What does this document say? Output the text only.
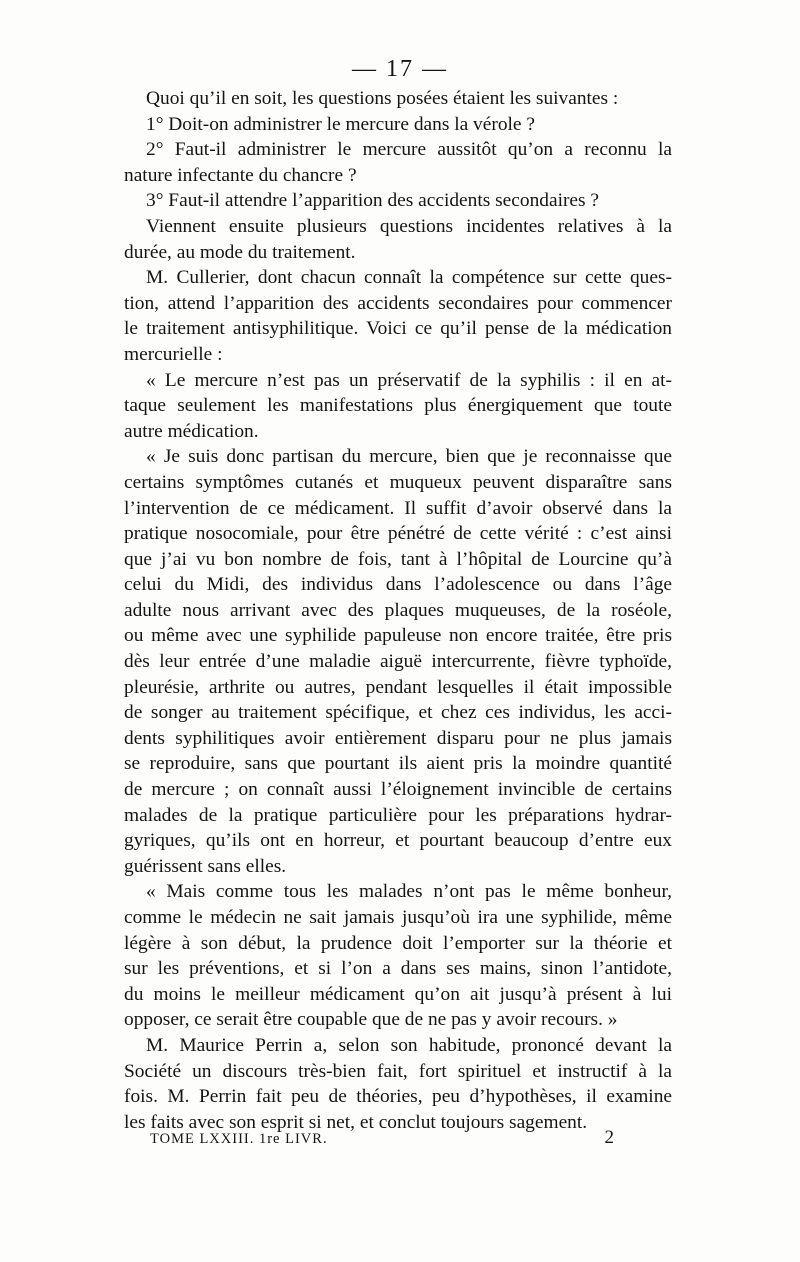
— 17 —
Quoi qu’il en soit, les questions posées étaient les suivantes :
1° Doit-on administrer le mercure dans la vérole ?
2° Faut-il administrer le mercure aussitôt qu’on a reconnu la
nature infectante du chancre ?
3° Faut-il attendre l’apparition des accidents secondaires ?
Viennent ensuite plusieurs questions incidentes relatives à la
durée, au mode du traitement.
M. Cullerier, dont chacun connaît la compétence sur cette ques-
tion, attend l’apparition des accidents secondaires pour commencer
le traitement antisyphilitique. Voici ce qu’il pense de la médication
mercurielle :
« Le mercure n’est pas un préservatif de la syphilis : il en at-
taque seulement les manifestations plus énergiquement que toute
autre médication.
« Je suis donc partisan du mercure, bien que je reconnaisse que
certains symptômes cutanés et muqueux peuvent disparaître sans
l’intervention de ce médicament. Il suffit d’avoir observé dans la
pratique nosocomiale, pour être pénétré de cette vérité : c’est ainsi
que j’ai vu bon nombre de fois, tant à l’hôpital de Lourcine qu’à
celui du Midi, des individus dans l’adolescence ou dans l’âge
adulte nous arrivant avec des plaques muqueuses, de la roséole,
ou même avec une syphilide papuleuse non encore traitée, être pris
dès leur entrée d’une maladie aiguë intercurrente, fièvre typhoïde,
pleurésie, arthrite ou autres, pendant lesquelles il était impossible
de songer au traitement spécifique, et chez ces individus, les acci-
dents syphilitiques avoir entièrement disparu pour ne plus jamais
se reproduire, sans que pourtant ils aient pris la moindre quantité
de mercure ; on connaît aussi l’éloignement invincible de certains
malades de la pratique particulière pour les préparations hydrar-
gyriques, qu’ils ont en horreur, et pourtant beaucoup d’entre eux
guérissent sans elles.
« Mais comme tous les malades n’ont pas le même bonheur,
comme le médecin ne sait jamais jusqu’où ira une syphilide, même
légère à son début, la prudence doit l’emporter sur la théorie et
sur les préventions, et si l’on a dans ses mains, sinon l’antidote,
du moins le meilleur médicament qu’on ait jusqu’à présent à lui
opposer, ce serait être coupable que de ne pas y avoir recours. »
M. Maurice Perrin a, selon son habitude, prononcé devant la
Société un discours très-bien fait, fort spirituel et instructif à la
fois. M. Perrin fait peu de théories, peu d’hypothèses, il examine
les faits avec son esprit si net, et conclut toujours sagement.
TOME LXXIII. 1re LIVR.	2
